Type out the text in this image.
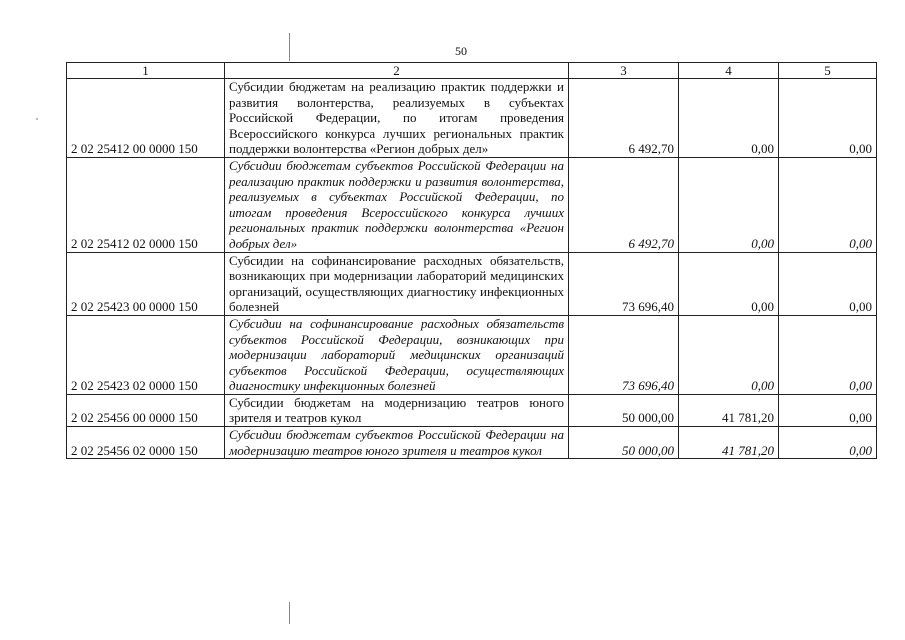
50
1	2	3	4	5
2 02 25412 00 0000 150	Субсидии бюджетам на реализацию практик поддержки и развития волонтерства, реализуемых в субъектах Российской Федерации, по итогам проведения Всероссийского конкурса лучших региональных практик поддержки волонтерства «Регион добрых дел»	6 492,70	0,00	0,00
2 02 25412 02 0000 150	Субсидии бюджетам субъектов Российской Федерации на реализацию практик поддержки и развития волонтерства, реализуемых в субъектах Российской Федерации, по итогам проведения Всероссийского конкурса лучших региональных практик поддержки волонтерства «Регион добрых дел»	6 492,70	0,00	0,00
2 02 25423 00 0000 150	Субсидии на софинансирование расходных обязательств, возникающих при модернизации лабораторий медицинских организаций, осуществляющих диагностику инфекционных болезней	73 696,40	0,00	0,00
2 02 25423 02 0000 150	Субсидии на софинансирование расходных обязательств субъектов Российской Федерации, возникающих при модернизации лабораторий медицинских организаций субъектов Российской Федерации, осуществляющих диагностику инфекционных болезней	73 696,40	0,00	0,00
2 02 25456 00 0000 150	Субсидии бюджетам на модернизацию театров юного зрителя и театров кукол	50 000,00	41 781,20	0,00
2 02 25456 02 0000 150	Субсидии бюджетам субъектов Российской Федерации на модернизацию театров юного зрителя и театров кукол	50 000,00	41 781,20	0,00
